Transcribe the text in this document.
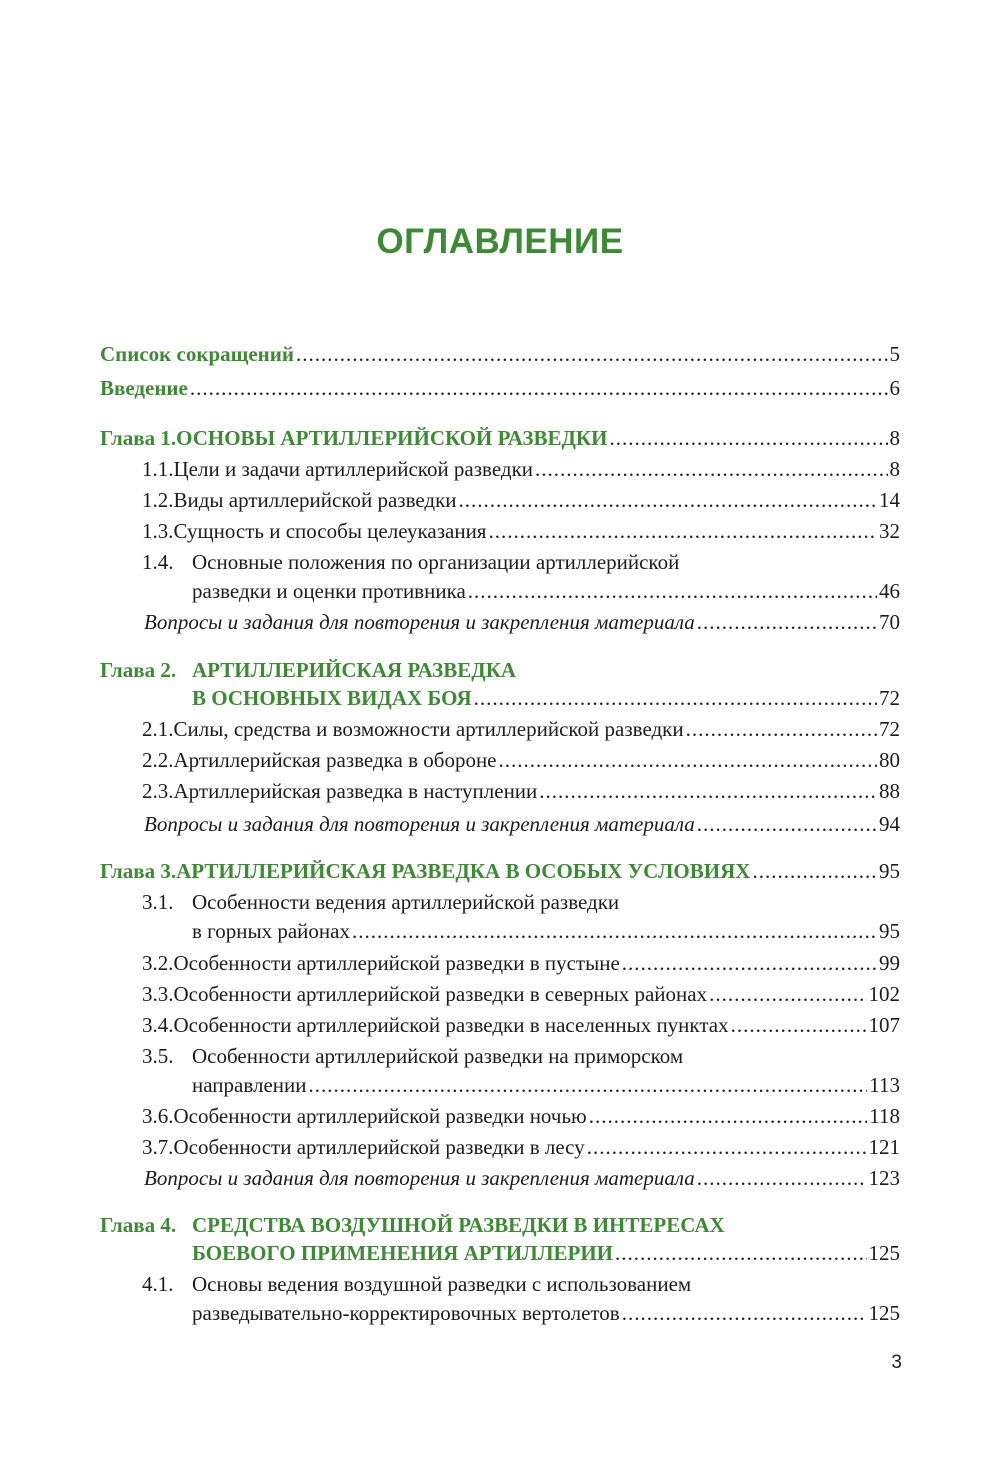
ОГЛАВЛЕНИЕ
Список сокращений .....	5
Введение .....	6
Глава 1. ОСНОВЫ АРТИЛЛЕРИЙСКОЙ РАЗВЕДКИ .....	8
1.1. Цели и задачи артиллерийской разведки .....	8
1.2. Виды артиллерийской разведки .....	14
1.3. Сущность и способы целеуказания .....	32
1.4. Основные положения по организации артиллерийской
разведки и оценки противника .....	46
Вопросы и задания для повторения и закрепления материала .....	70
Глава 2. АРТИЛЛЕРИЙСКАЯ РАЗВЕДКА
В ОСНОВНЫХ ВИДАХ БОЯ .....	72
2.1. Силы, средства и возможности артиллерийской разведки .....	72
2.2. Артиллерийская разведка в обороне .....	80
2.3. Артиллерийская разведка в наступлении .....	88
Вопросы и задания для повторения и закрепления материала .....	94
Глава 3. АРТИЛЛЕРИЙСКАЯ РАЗВЕДКА В ОСОБЫХ УСЛОВИЯХ .....	95
3.1. Особенности ведения артиллерийской разведки
в горных районах .....	95
3.2. Особенности артиллерийской разведки в пустыне .....	99
3.3. Особенности артиллерийской разведки в северных районах .....	102
3.4. Особенности артиллерийской разведки в населенных пунктах .....	107
3.5. Особенности артиллерийской разведки на приморском
направлении .....	113
3.6. Особенности артиллерийской разведки ночью .....	118
3.7. Особенности артиллерийской разведки в лесу .....	121
Вопросы и задания для повторения и закрепления материала .....	123
Глава 4. СРЕДСТВА ВОЗДУШНОЙ РАЗВЕДКИ В ИНТЕРЕСАХ
БОЕВОГО ПРИМЕНЕНИЯ АРТИЛЛЕРИИ .....	125
4.1. Основы ведения воздушной разведки с использованием
разведывательно-корректировочных вертолетов .....	125
3
